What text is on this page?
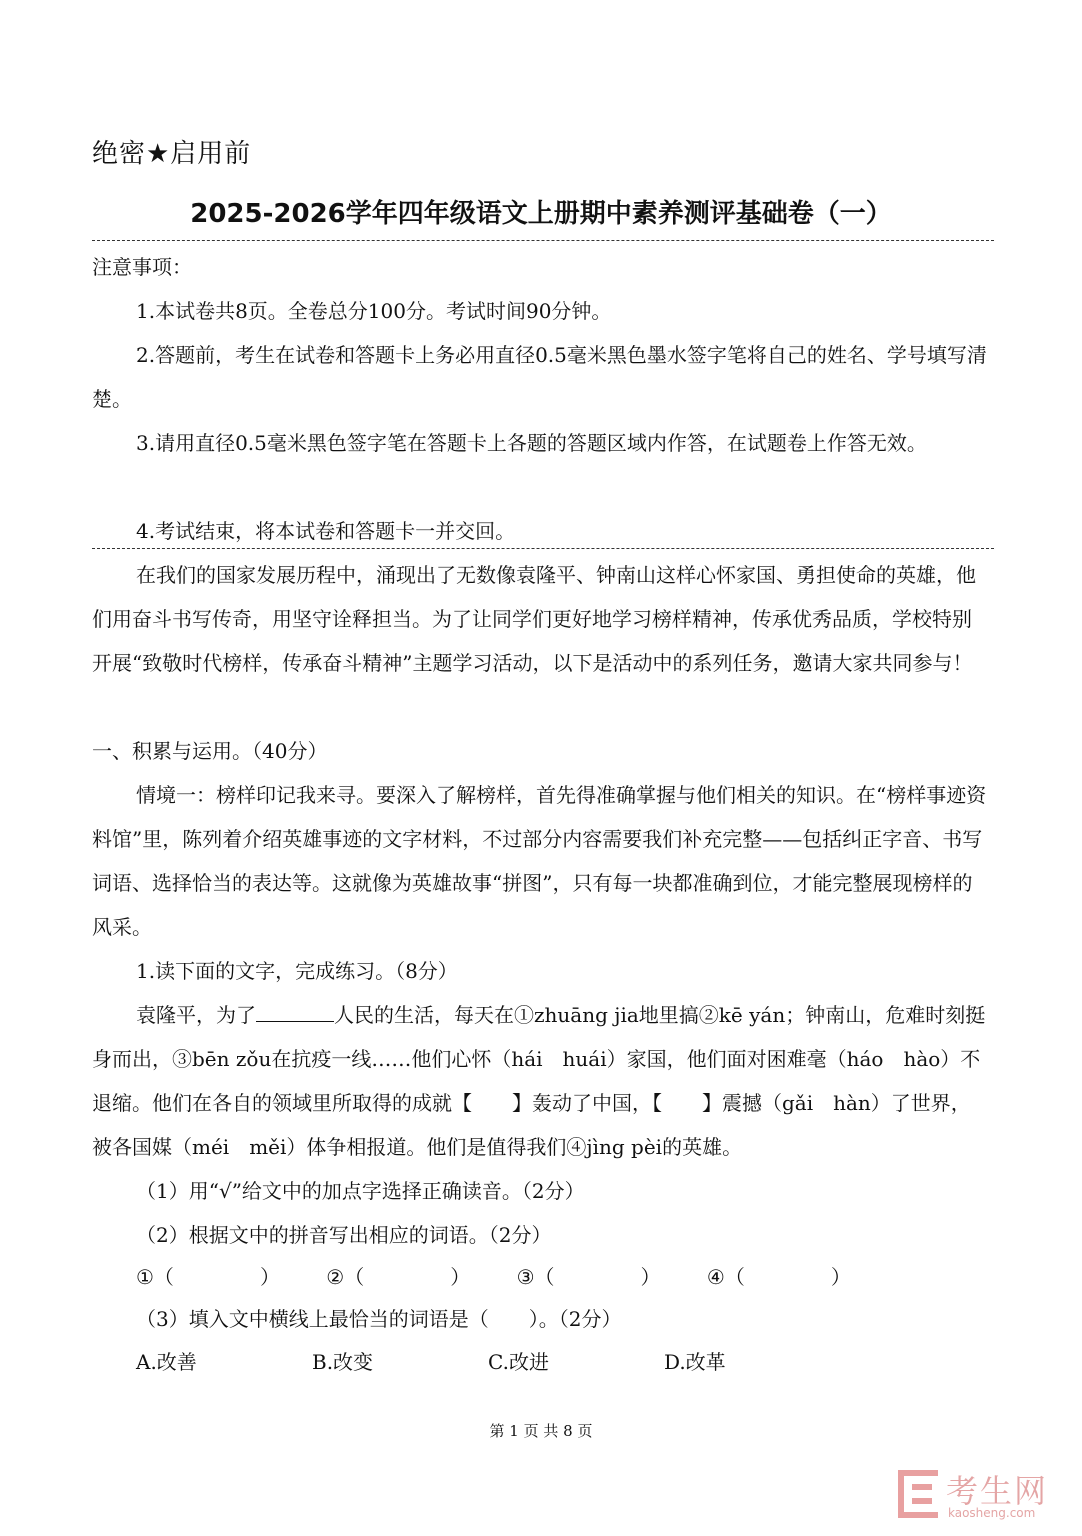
绝密★启用前
2025-2026学年四年级语文上册期中素养测评基础卷（一）
注意事项：
1.本试卷共8页。全卷总分100分。考试时间90分钟。
2.答题前，考生在试卷和答题卡上务必用直径0.5毫米黑色墨水签字笔将自己的姓名、学号填写清楚。
3.请用直径0.5毫米黑色签字笔在答题卡上各题的答题区域内作答，在试题卷上作答无效。
4.考试结束，将本试卷和答题卡一并交回。
在我们的国家发展历程中，涌现出了无数像袁隆平、钟南山这样心怀家国、勇担使命的英雄，他们用奋斗书写传奇，用坚守诠释担当。为了让同学们更好地学习榜样精神，传承优秀品质，学校特别开展“致敬时代榜样，传承奋斗精神”主题学习活动，以下是活动中的系列任务，邀请大家共同参与！
一、积累与运用。（40分）
情境一：榜样印记我来寻。要深入了解榜样，首先得准确掌握与他们相关的知识。在“榜样事迹资料馆”里，陈列着介绍英雄事迹的文字材料，不过部分内容需要我们补充完整——包括纠正字音、书写词语、选择恰当的表达等。这就像为英雄故事“拼图”，只有每一块都准确到位，才能完整展现榜样的风采。
1.读下面的文字，完成练习。（8分）
袁隆平，为了	人民的生活，每天在①zhuāng jia地里搞②kē yán；钟南山，危难时刻挺身而出，③bēn zǒu在抗疫一线……他们心怀（hái　huái）家国，他们面对困难毫（háo　hào）不退缩。他们在各自的领域里所取得的成就【　　】轰动了中国，【　　】震撼（gǎi　hàn）了世界，被各国媒（méi　měi）体争相报道。他们是值得我们④jìng pèi的英雄。
（1）用“√”给文中的加点字选择正确读音。（2分）
（2）根据文中的拼音写出相应的词语。（2分）
①（	） ②（	） ③（	） ④（	）
（3）填入文中横线上最恰当的词语是（　　）。（2分）
A.改善	B.改变	C.改进	D.改革
第 1 页 共 8 页
考生网
kaosheng.com
